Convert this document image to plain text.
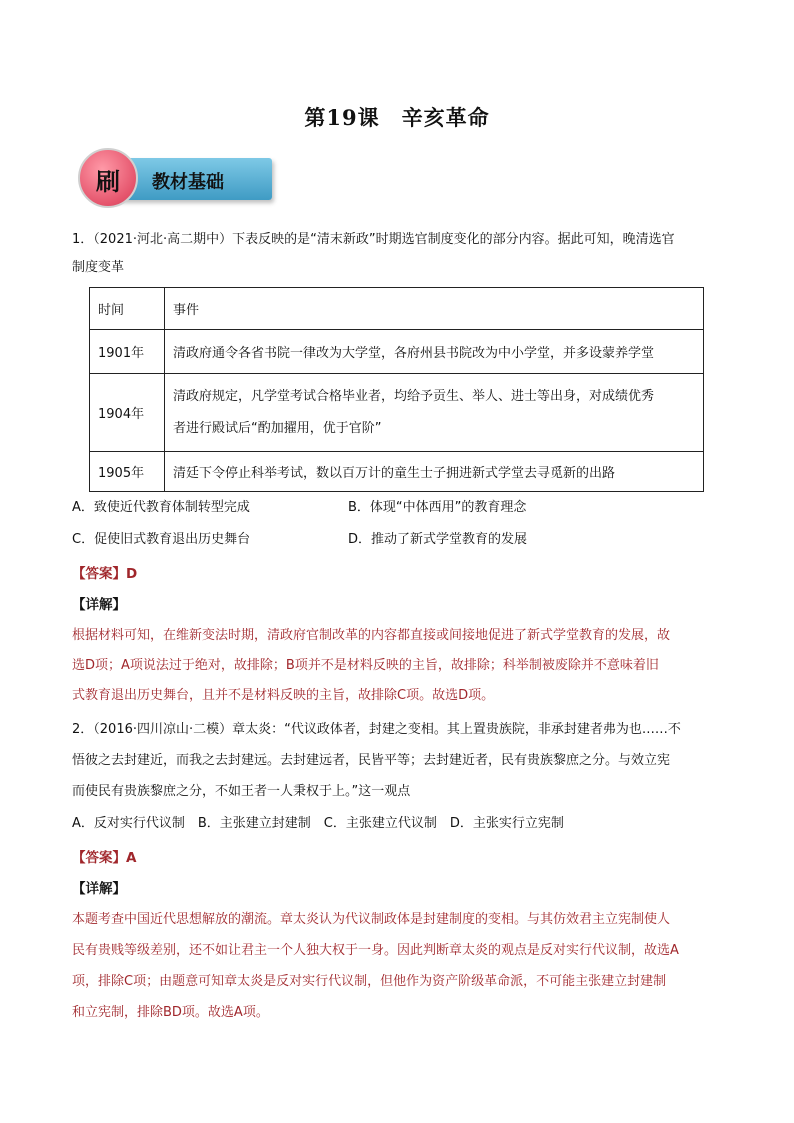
第19课　辛亥革命
教材基础
刷
1．（2021·河北·高二期中）下表反映的是“清末新政”时期选官制度变化的部分内容。据此可知，晚清选官
制度变革
时间	事件
1901年	清政府通令各省书院一律改为大学堂，各府州县书院改为中小学堂，并多设蒙养学堂
1904年	清政府规定，凡学堂考试合格毕业者，均给予贡生、举人、进士等出身，对成绩优秀
者进行殿试后“酌加擢用，优于官阶”

1905年	清廷下令停止科举考试，数以百万计的童生士子拥进新式学堂去寻觅新的出路
A．致使近代教育体制转型完成	B．体现“中体西用”的教育理念
C．促使旧式教育退出历史舞台	D．推动了新式学堂教育的发展
【答案】D
【详解】
根据材料可知，在维新变法时期，清政府官制改革的内容都直接或间接地促进了新式学堂教育的发展，故
选D项；A项说法过于绝对，故排除；B项并不是材料反映的主旨，故排除；科举制被废除并不意味着旧
式教育退出历史舞台，且并不是材料反映的主旨，故排除C项。故选D项。
2．（2016·四川凉山·二模）章太炎：“代议政体者，封建之变相。其上置贵族院，非承封建者弗为也……不
悟彼之去封建近，而我之去封建远。去封建远者，民皆平等；去封建近者，民有贵族黎庶之分。与效立宪
而使民有贵族黎庶之分，不如王者一人秉权于上。”这一观点
A．反对实行代议制　B．主张建立封建制　C．主张建立代议制　D．主张实行立宪制
【答案】A
【详解】
本题考查中国近代思想解放的潮流。章太炎认为代议制政体是封建制度的变相。与其仿效君主立宪制使人
民有贵贱等级差别，还不如让君主一个人独大权于一身。因此判断章太炎的观点是反对实行代议制，故选A
项，排除C项；由题意可知章太炎是反对实行代议制，但他作为资产阶级革命派，不可能主张建立封建制
和立宪制，排除BD项。故选A项。
